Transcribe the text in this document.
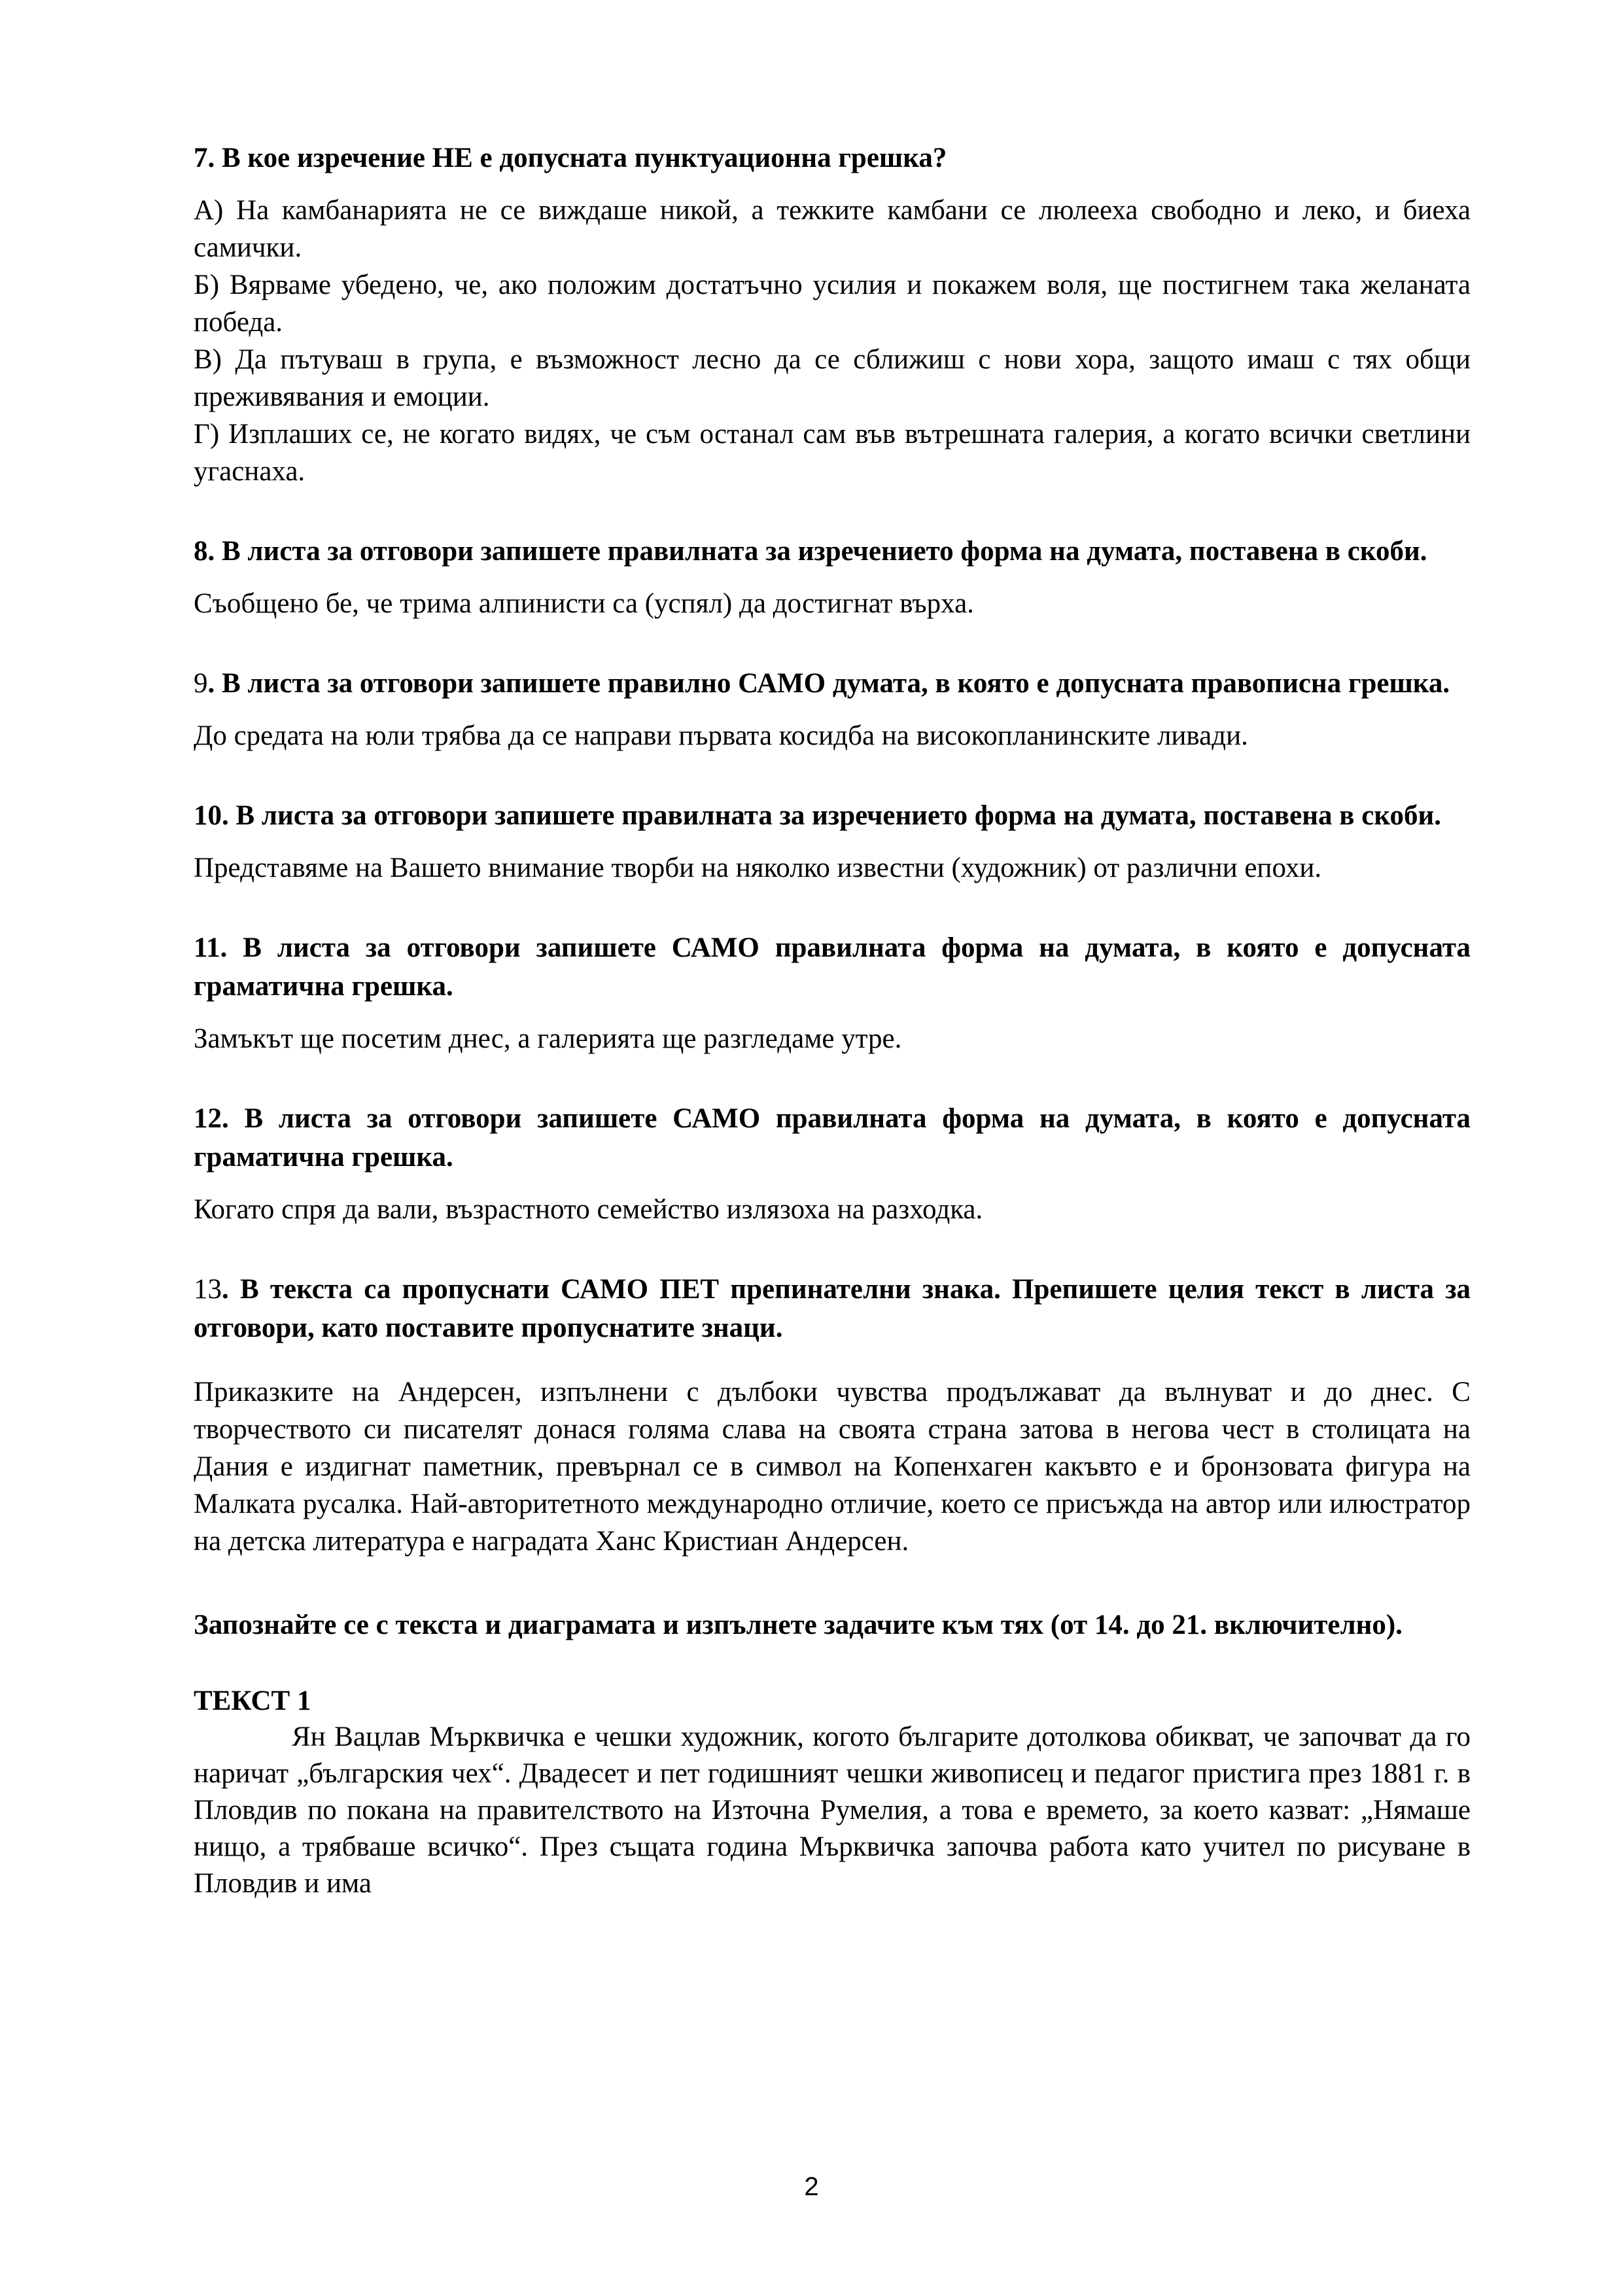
7. В кое изречение НЕ е допусната пунктуационна грешка?

А) На камбанарията не се виждаше никой, а тежките камбани се люлееха свободно и леко, и биеха самички.

Б) Вярваме убедено, че, ако положим достатъчно усилия и покажем воля, ще постигнем така желаната победа.

В) Да пътуваш в група, е възможност лесно да се сближиш с нови хора, защото имаш с тях общи преживявания и емоции.

Г) Изплаших се, не когато видях, че съм останал сам във вътрешната галерия, а когато всички светлини угаснаха.

8. В листа за отговори запишете правилната за изречението форма на думата, поставена в скоби.

Съобщено бе, че трима алпинисти са (успял) да достигнат върха.

9. В листа за отговори запишете правилно САМО думата, в която е допусната правописна грешка.

До средата на юли трябва да се направи първата косидба на високопланинските ливади.

10. В листа за отговори запишете правилната за изречението форма на думата, поставена в скоби.

Представяме на Вашето внимание творби на няколко известни (художник) от различни епохи.

11. В листа за отговори запишете САМО правилната форма на думата, в която е допусната граматична грешка.

Замъкът ще посетим днес, а галерията ще разгледаме утре.

12. В листа за отговори запишете САМО правилната форма на думата, в която е допусната граматична грешка.

Когато спря да вали, възрастното семейство излязоха на разходка.

13. В текста са пропуснати САМО ПЕТ препинателни знака. Препишете целия текст в листа за отговори, като поставите пропуснатите знаци.

Приказките на Андерсен, изпълнени с дълбоки чувства продължават да вълнуват и до днес. С творчеството си писателят донася голяма слава на своята страна затова в негова чест в столицата на Дания е издигнат паметник, превърнал се в символ на Копенхаген какъвто е и бронзовата фигура на Малката русалка. Най-авторитетното международно отличие, което се присъжда на автор или илюстратор на детска литература е наградата Ханс Кристиан Андерсен.

Запознайте се с текста и диаграмата и изпълнете задачите към тях (от 14. до 21. включително).

ТЕКСТ 1

Ян Вацлав Мърквичка е чешки художник, когото българите дотолкова обикват, че започват да го наричат „българския чех“. Двадесет и пет годишният чешки живописец и педагог пристига през 1881 г. в Пловдив по покана на правителството на Източна Румелия, а това е времето, за което казват: „Нямаше нищо, а трябваше всичко“. През същата година Мърквичка започва работа като учител по рисуване в Пловдив и има

2
